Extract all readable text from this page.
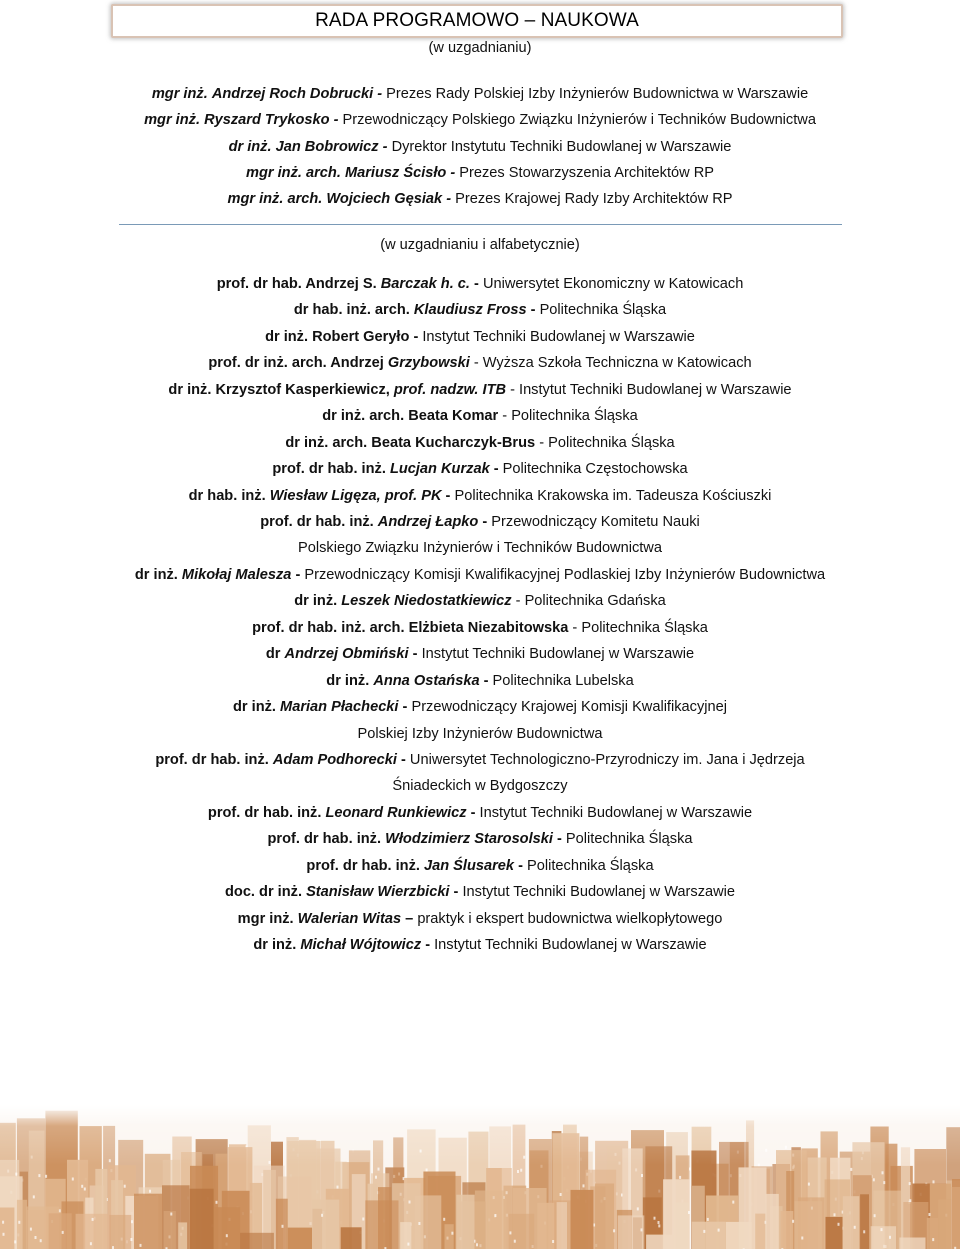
RADA PROGRAMOWO – NAUKOWA
(w uzgadnianiu)
mgr inż. Andrzej Roch Dobrucki - Prezes Rady Polskiej Izby Inżynierów Budownictwa w Warszawie
mgr inż. Ryszard Trykosko - Przewodniczący Polskiego Związku Inżynierów i Techników Budownictwa
dr inż. Jan Bobrowicz - Dyrektor Instytutu Techniki Budowlanej w Warszawie
mgr inż. arch. Mariusz Ścisło - Prezes Stowarzyszenia Architektów RP
mgr inż. arch. Wojciech Gęsiak - Prezes Krajowej Rady Izby Architektów RP
(w uzgadnianiu i alfabetycznie)
prof. dr hab. Andrzej S. Barczak h. c. - Uniwersytet Ekonomiczny w Katowicach
dr hab. inż. arch. Klaudiusz Fross - Politechnika Śląska
dr inż. Robert Geryło - Instytut Techniki Budowlanej w Warszawie
prof. dr inż. arch. Andrzej Grzybowski - Wyższa Szkoła Techniczna w Katowicach
dr inż. Krzysztof Kasperkiewicz, prof. nadzw. ITB - Instytut Techniki Budowlanej w Warszawie
dr inż. arch. Beata Komar - Politechnika Śląska
dr inż. arch. Beata Kucharczyk-Brus - Politechnika Śląska
prof. dr hab. inż. Lucjan Kurzak - Politechnika Częstochowska
dr hab. inż. Wiesław Ligęza, prof. PK - Politechnika Krakowska im. Tadeusza Kościuszki
prof. dr hab. inż. Andrzej Łapko - Przewodniczący Komitetu Nauki
Polskiego Związku Inżynierów i Techników Budownictwa
dr inż. Mikołaj Malesza - Przewodniczący Komisji Kwalifikacyjnej Podlaskiej Izby Inżynierów Budownictwa
dr inż. Leszek Niedostatkiewicz - Politechnika Gdańska
prof. dr hab. inż. arch. Elżbieta Niezabitowska - Politechnika Śląska
dr Andrzej Obmiński - Instytut Techniki Budowlanej w Warszawie
dr inż. Anna Ostańska - Politechnika Lubelska
dr inż. Marian Płachecki - Przewodniczący Krajowej Komisji Kwalifikacyjnej
Polskiej Izby Inżynierów Budownictwa
prof. dr hab. inż. Adam Podhorecki - Uniwersytet Technologiczno-Przyrodniczy im. Jana i Jędrzeja
Śniadeckich w Bydgoszczy
prof. dr hab. inż. Leonard Runkiewicz - Instytut Techniki Budowlanej w Warszawie
prof. dr hab. inż. Włodzimierz Starosolski - Politechnika Śląska
prof. dr hab. inż. Jan Ślusarek - Politechnika Śląska
doc. dr inż. Stanisław Wierzbicki - Instytut Techniki Budowlanej w Warszawie
mgr inż. Walerian Witas – praktyk i ekspert budownictwa wielkopłytowego
dr inż. Michał Wójtowicz - Instytut Techniki Budowlanej w Warszawie
